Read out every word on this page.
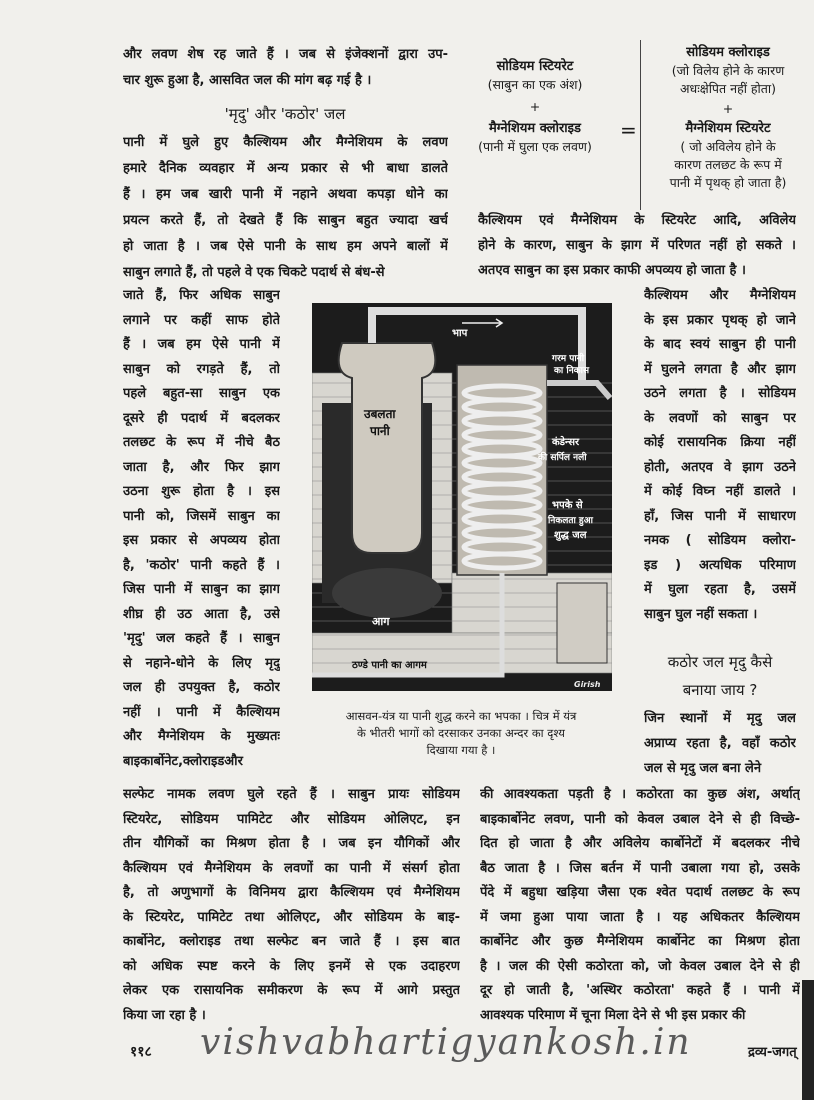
और लवण शेष रह जाते हैं । जब से इंजेक्शनों द्वारा उप-
चार शुरू हुआ है, आसवित जल की मांग बढ़ गई है ।
'मृदु' और 'कठोर' जल
पानी में घुले हुए कैल्शियम और मैग्नेशियम के लवण
हमारे दैनिक व्यवहार में अन्य प्रकार से भी बाधा डालते
हैं । हम जब खारी पानी में नहाने अथवा कपड़ा धोने का
प्रयत्न करते हैं, तो देखते हैं कि साबुन बहुत ज्यादा खर्च
हो जाता है । जब ऐसे पानी के साथ हम अपने बालों में
साबुन लगाते हैं, तो पहले वे एक चिकटे पदार्थ से बंध-से
जाते हैं, फिर अधिक साबुन
लगाने पर कहीं साफ होते
हैं । जब हम ऐसे पानी में
साबुन को रगड़ते हैं, तो
पहले बहुत-सा साबुन एक
दूसरे ही पदार्थ में बदलकर
तलछट के रूप में नीचे बैठ
जाता है, और फिर झाग
उठना शुरू होता है । इस
पानी को, जिसमें साबुन का
इस प्रकार से अपव्यय होता
है, 'कठोर' पानी कहते हैं ।
जिस पानी में साबुन का झाग
शीघ्र ही उठ आता है, उसे
'मृदु' जल कहते हैं । साबुन
से नहाने-धोने के लिए मृदु
जल ही उपयुक्त है, कठोर
नहीं । पानी में कैल्शियम
और मैग्नेशियम के मुख्यतः
बाइकार्बोनेट,क्लोराइडऔर
सल्फेट नामक लवण घुले रहते हैं । साबुन प्रायः सोडियम
स्टियरेट, सोडियम पामिटेट और सोडियम ओलिएट, इन
तीन यौगिकों का मिश्रण होता है । जब इन यौगिकों और
कैल्शियम एवं मैग्नेशियम के लवणों का पानी में संसर्ग होता
है, तो अणुभागों के विनिमय द्वारा कैल्शियम एवं मैग्नेशियम
के स्टियरेट, पामिटेट तथा ओलिएट, और सोडियम के बाइ-
कार्बोनेट, क्लोराइड तथा सल्फेट बन जाते हैं । इस बात
को अधिक स्पष्ट करने के लिए इनमें से एक उदाहरण
लेकर एक रासायनिक समीकरण के रूप में आगे प्रस्तुत
किया जा रहा है ।
सोडियम स्टियरेट
(साबुन का एक अंश)
+
मैग्नेशियम क्लोराइड
(पानी में घुला एक लवण)
=
सोडियम क्लोराइड
(जो विलेय होने के कारण
अधःक्षेपित नहीं होता)
+
मैग्नेशियम स्टियरेट
( जो अविलेय होने के
कारण तलछट के रूप में
पानी में पृथक् हो जाता है)
कैल्शियम एवं मैग्नेशियम के स्टियरेट आदि, अविलेय
होने के कारण, साबुन के झाग में परिणत नहीं हो सकते ।
अतएव साबुन का इस प्रकार काफी अपव्यय हो जाता है ।
कैल्शियम और मैग्नेशियम
के इस प्रकार पृथक् हो जाने
के बाद स्वयं साबुन ही पानी
में घुलने लगता है और झाग
उठने लगता है । सोडियम
के लवणों को साबुन पर
कोई रासायनिक क्रिया नहीं
होती, अतएव वे झाग उठने
में कोई विघ्न नहीं डालते ।
हाँ, जिस पानी में साधारण
नमक ( सोडियम क्लोरा-
इड ) अत्यधिक परिमाण
में घुला रहता है, उसमें
साबुन घुल नहीं सकता ।
कठोर जल मृदु कैसे
बनाया जाय ?
जिन स्थानों में मृदु जल
अप्राप्य रहता है, वहाँ कठोर
जल से मृदु जल बना लेने
की आवश्यकता पड़ती है । कठोरता का कुछ अंश, अर्थात्
बाइकार्बोनेट लवण, पानी को केवल उबाल देने से ही विच्छे-
दित हो जाता है और अविलेय कार्बोनेटों में बदलकर नीचे
बैठ जाता है । जिस बर्तन में पानी उबाला गया हो, उसके
पेंदे में बहुधा खड़िया जैसा एक श्वेत पदार्थ तलछट के रूप
में जमा हुआ पाया जाता है । यह अधिकतर कैल्शियम
कार्बोनेट और कुछ मैग्नेशियम कार्बोनेट का मिश्रण होता
है । जल की ऐसी कठोरता को, जो केवल उबाल देने से ही
दूर हो जाती है, 'अस्थिर कठोरता' कहते हैं । पानी में
आवश्यक परिमाण में चूना मिला देने से भी इस प्रकार की
भाप
उबलता
पानी
आग
गरम पानी
का निकास
कंडेन्सर
की सर्पिल नली
भपके से
निकलता हुआ
शुद्ध जल
ठण्डे पानी का आगम
Girish
आसवन-यंत्र या पानी शुद्ध करने का भपका । चित्र में यंत्र
के भीतरी भागों को दरसाकर उनका अन्दर का दृश्य
दिखाया गया है ।
११८ vishvabhartigyankosh.in	द्रव्य-जगत्
